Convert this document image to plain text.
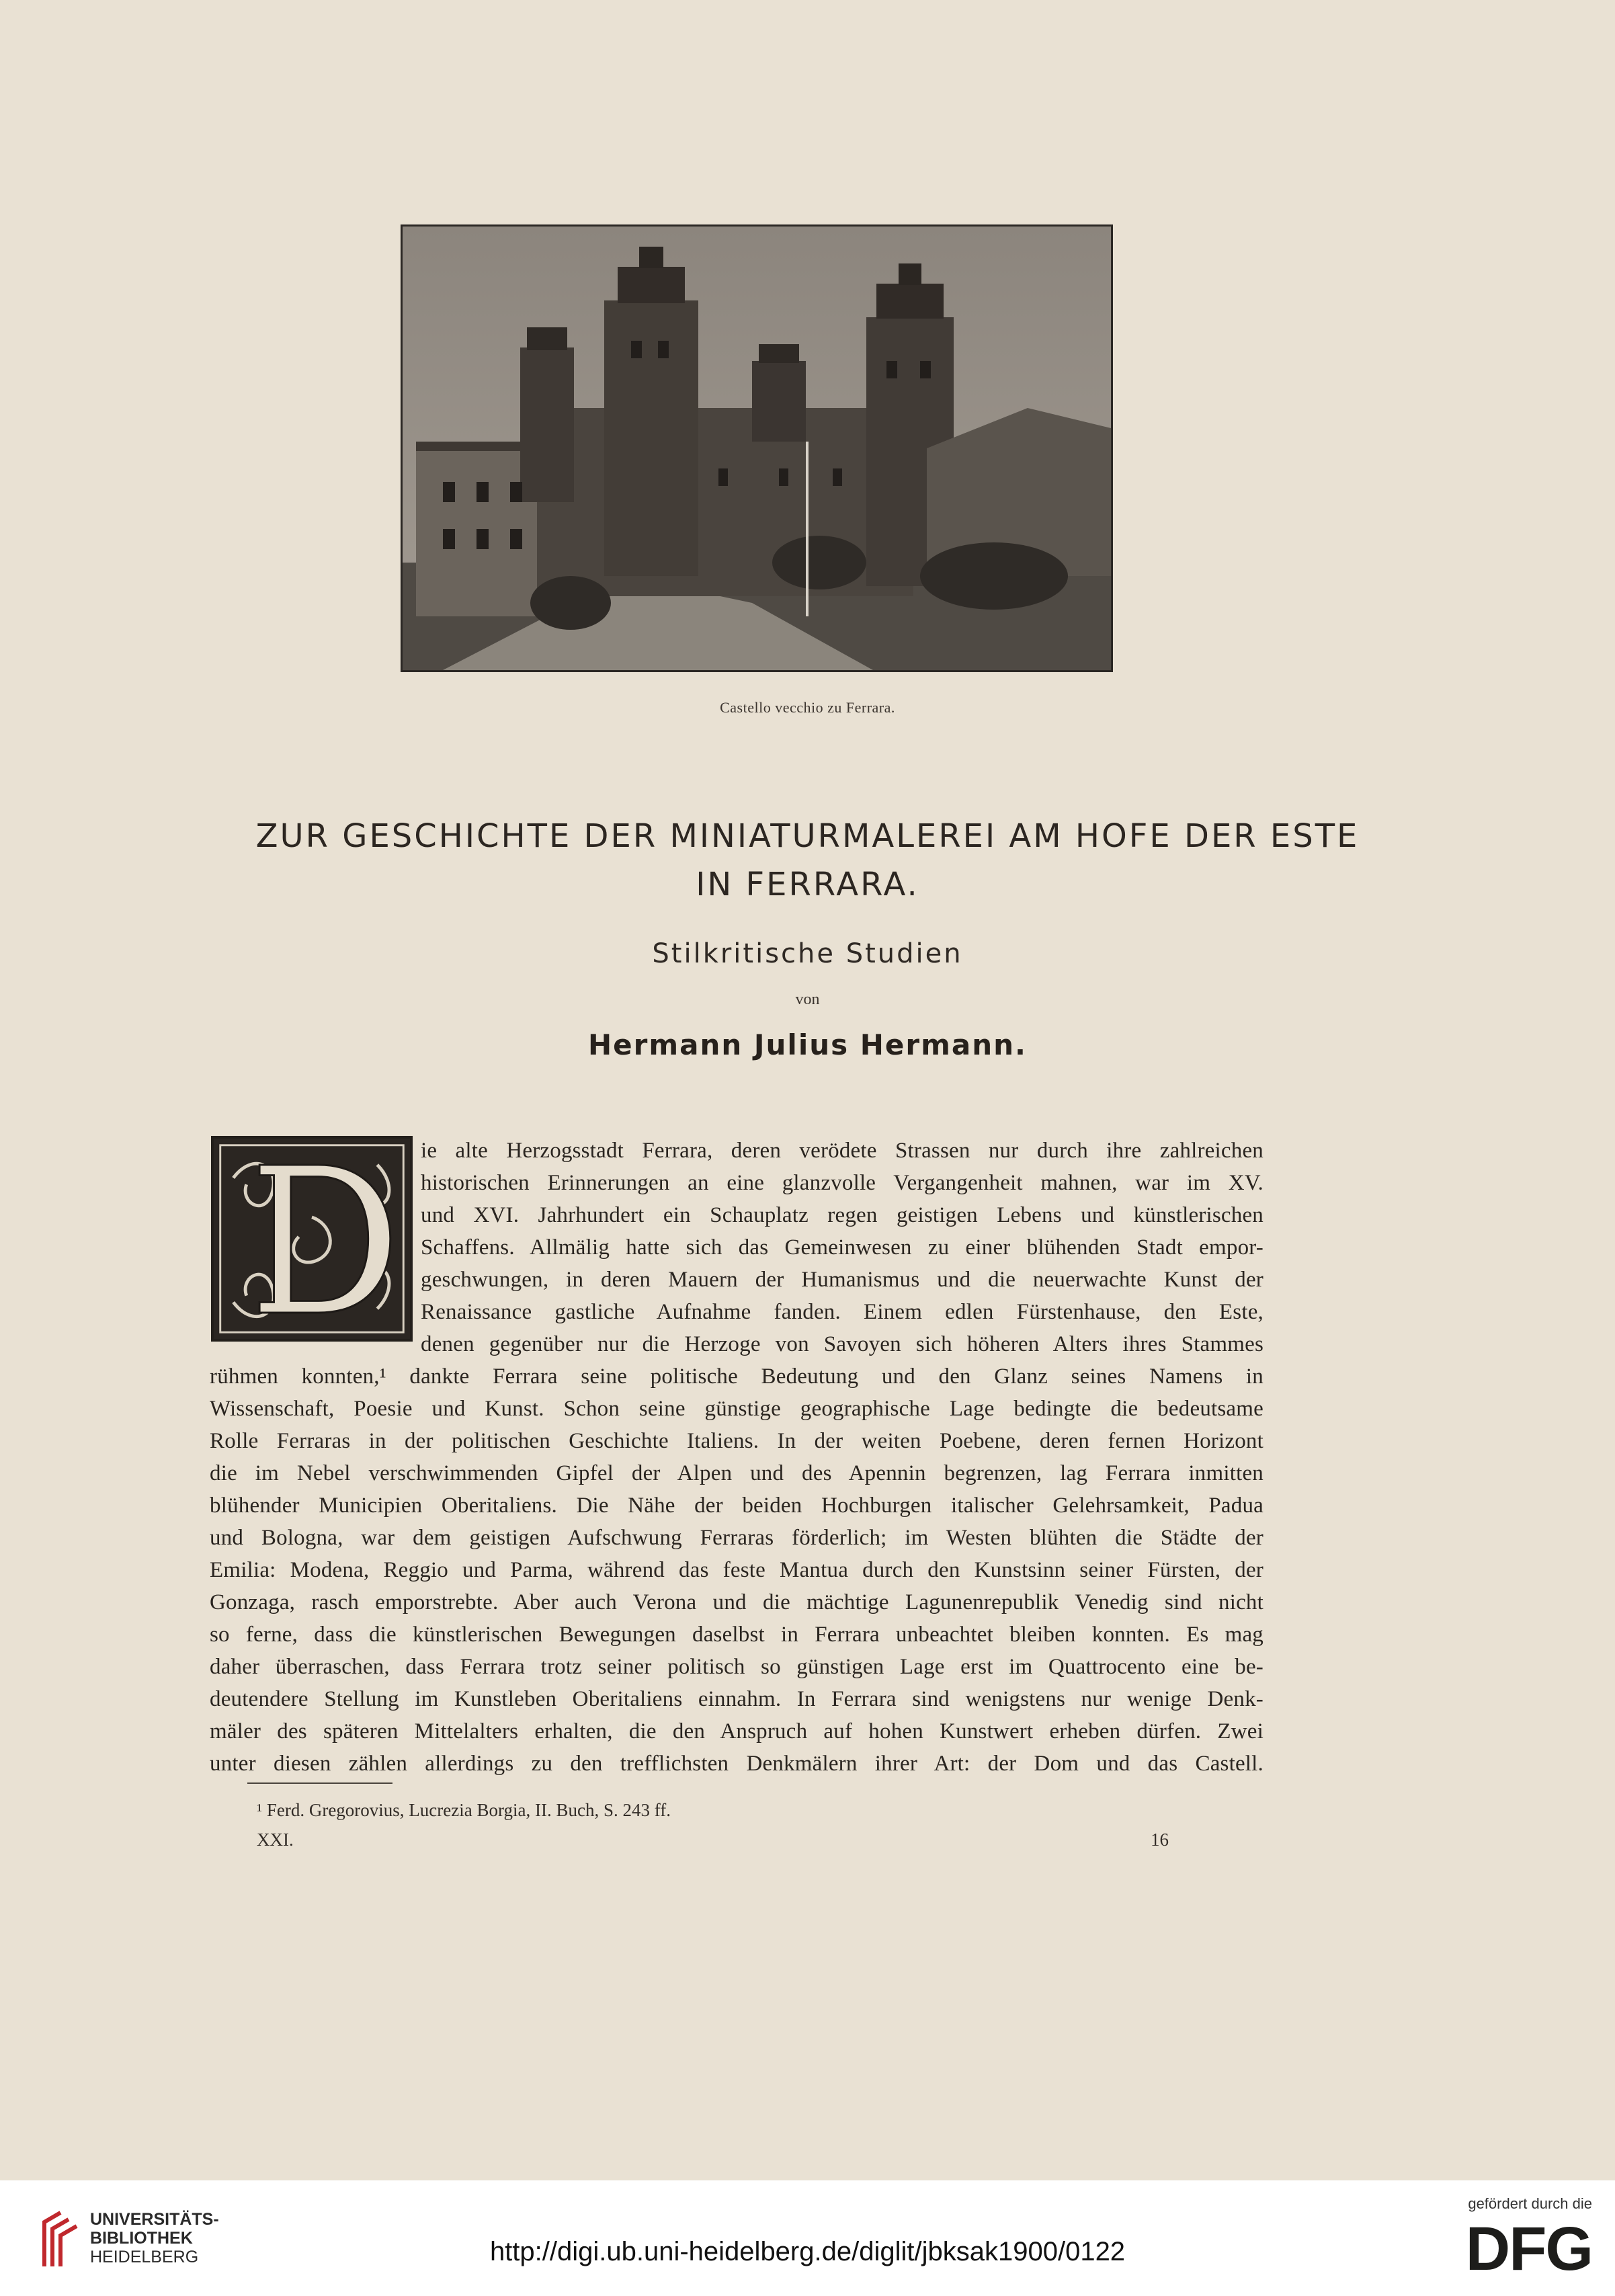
Castello vecchio zu Ferrara.
ZUR GESCHICHTE DER MINIATURMALEREI AM HOFE DER ESTE
IN FERRARA.
Stilkritische Studien
von
Hermann Julius Hermann.
ie alte Herzogsstadt Ferrara, deren verödete Strassen nur durch ihre zahlreichen
historischen Erinnerungen an eine glanzvolle Vergangenheit mahnen, war im XV.
und XVI. Jahrhundert ein Schauplatz regen geistigen Lebens und künstlerischen
Schaffens. Allmälig hatte sich das Gemeinwesen zu einer blühenden Stadt empor-
geschwungen, in deren Mauern der Humanismus und die neuerwachte Kunst der
Renaissance gastliche Aufnahme fanden. Einem edlen Fürstenhause, den Este,
denen gegenüber nur die Herzoge von Savoyen sich höheren Alters ihres Stammes
rühmen konnten,¹ dankte Ferrara seine politische Bedeutung und den Glanz seines Namens in
Wissenschaft, Poesie und Kunst. Schon seine günstige geographische Lage bedingte die bedeutsame
Rolle Ferraras in der politischen Geschichte Italiens. In der weiten Poebene, deren fernen Horizont
die im Nebel verschwimmenden Gipfel der Alpen und des Apennin begrenzen, lag Ferrara inmitten
blühender Municipien Oberitaliens. Die Nähe der beiden Hochburgen italischer Gelehrsamkeit, Padua
und Bologna, war dem geistigen Aufschwung Ferraras förderlich; im Westen blühten die Städte der
Emilia: Modena, Reggio und Parma, während das feste Mantua durch den Kunstsinn seiner Fürsten, der
Gonzaga, rasch emporstrebte. Aber auch Verona und die mächtige Lagunenrepublik Venedig sind nicht
so ferne, dass die künstlerischen Bewegungen daselbst in Ferrara unbeachtet bleiben konnten. Es mag
daher überraschen, dass Ferrara trotz seiner politisch so günstigen Lage erst im Quattrocento eine be-
deutendere Stellung im Kunstleben Oberitaliens einnahm. In Ferrara sind wenigstens nur wenige Denk-
mäler des späteren Mittelalters erhalten, die den Anspruch auf hohen Kunstwert erheben dürfen. Zwei
unter diesen zählen allerdings zu den trefflichsten Denkmälern ihrer Art: der Dom und das Castell.
¹ Ferd. Gregorovius, Lucrezia Borgia, II. Buch, S. 243 ff.
XXI.	16
UNIVERSITÄTS-
BIBLIOTHEK
HEIDELBERG	http://digi.ub.uni-heidelberg.de/diglit/jbksak1900/0122
gefördert durch die
DFG
